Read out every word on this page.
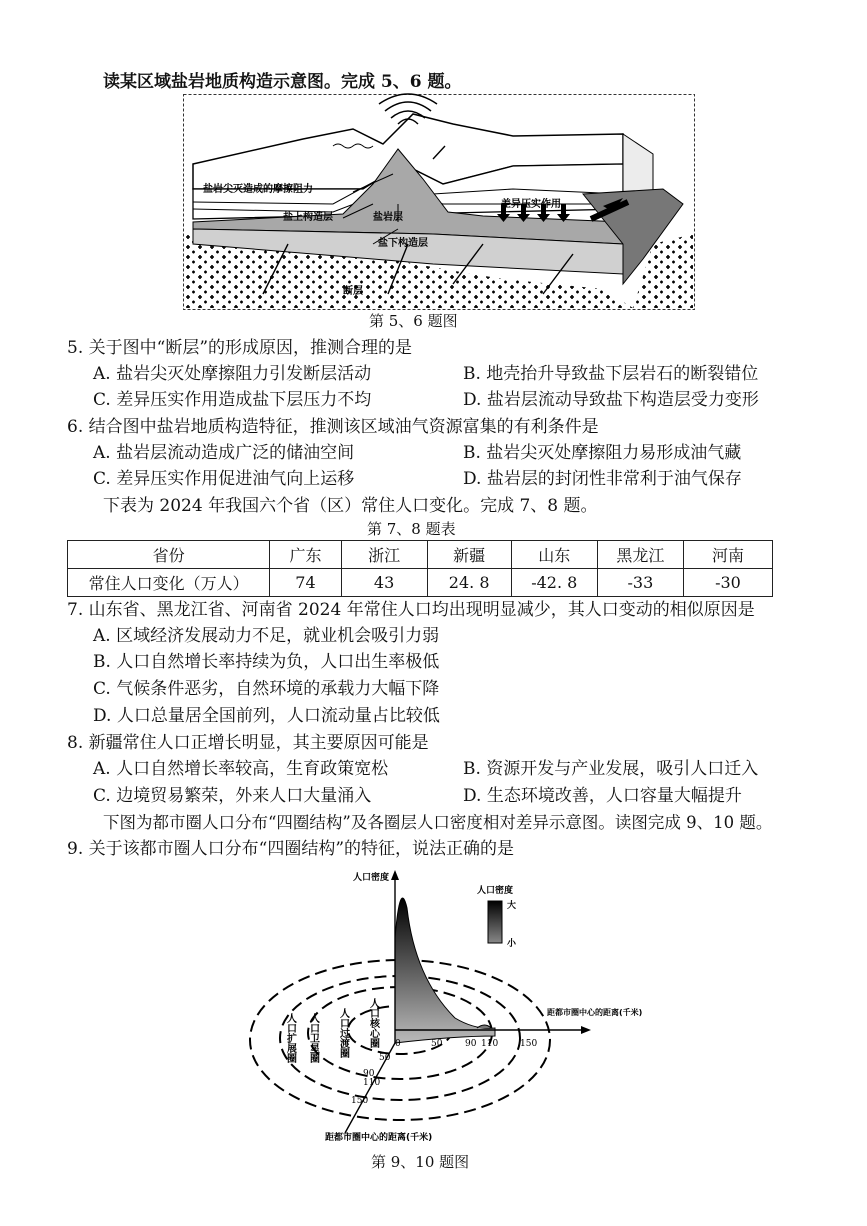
读某区域盐岩地质构造示意图。完成 5、6 题。
盐岩尖灭造成的摩擦阻力
差异压实作用
盐上构造层	盐岩层
盐下构造层
断层
第 5、6 题图
5. 关于图中“断层”的形成原因，推测合理的是
A. 盐岩尖灭处摩擦阻力引发断层活动	B. 地壳抬升导致盐下层岩石的断裂错位
C. 差异压实作用造成盐下层压力不均	D. 盐岩层流动导致盐下构造层受力变形
6. 结合图中盐岩地质构造特征，推测该区域油气资源富集的有利条件是
A. 盐岩层流动造成广泛的储油空间	B. 盐岩尖灭处摩擦阻力易形成油气藏
C. 差异压实作用促进油气向上运移	D. 盐岩层的封闭性非常利于油气保存
下表为 2024 年我国六个省（区）常住人口变化。完成 7、8 题。
第 7、8 题表
省份	广东	浙江	新疆	山东	黑龙江	河南
常住人口变化（万人）	74	43	24. 8	-42. 8	-33	-30
7. 山东省、黑龙江省、河南省 2024 年常住人口均出现明显减少，其人口变动的相似原因是
A. 区域经济发展动力不足，就业机会吸引力弱
B. 人口自然增长率持续为负，人口出生率极低
C. 气候条件恶劣，自然环境的承载力大幅下降
D. 人口总量居全国前列，人口流动量占比较低
8. 新疆常住人口正增长明显，其主要原因可能是
A. 人口自然增长率较高，生育政策宽松	B. 资源开发与产业发展，吸引人口迁入
C. 边境贸易繁荣，外来人口大量涌入	D. 生态环境改善，人口容量大幅提升
下图为都市圈人口分布“四圈结构”及各圈层人口密度相对差异示意图。读图完成 9、10 题。
9. 关于该都市圈人口分布“四圈结构”的特征，说法正确的是
0	50	90 110 150
50
90
110
150
人口密度
距都市圈中心的距离(千米)
距都市圈中心的距离(千米)
人口密度
大
小
人口扩展圈 人口卫星圈 人口过渡圈 人口核心圈
第 9、10 题图
